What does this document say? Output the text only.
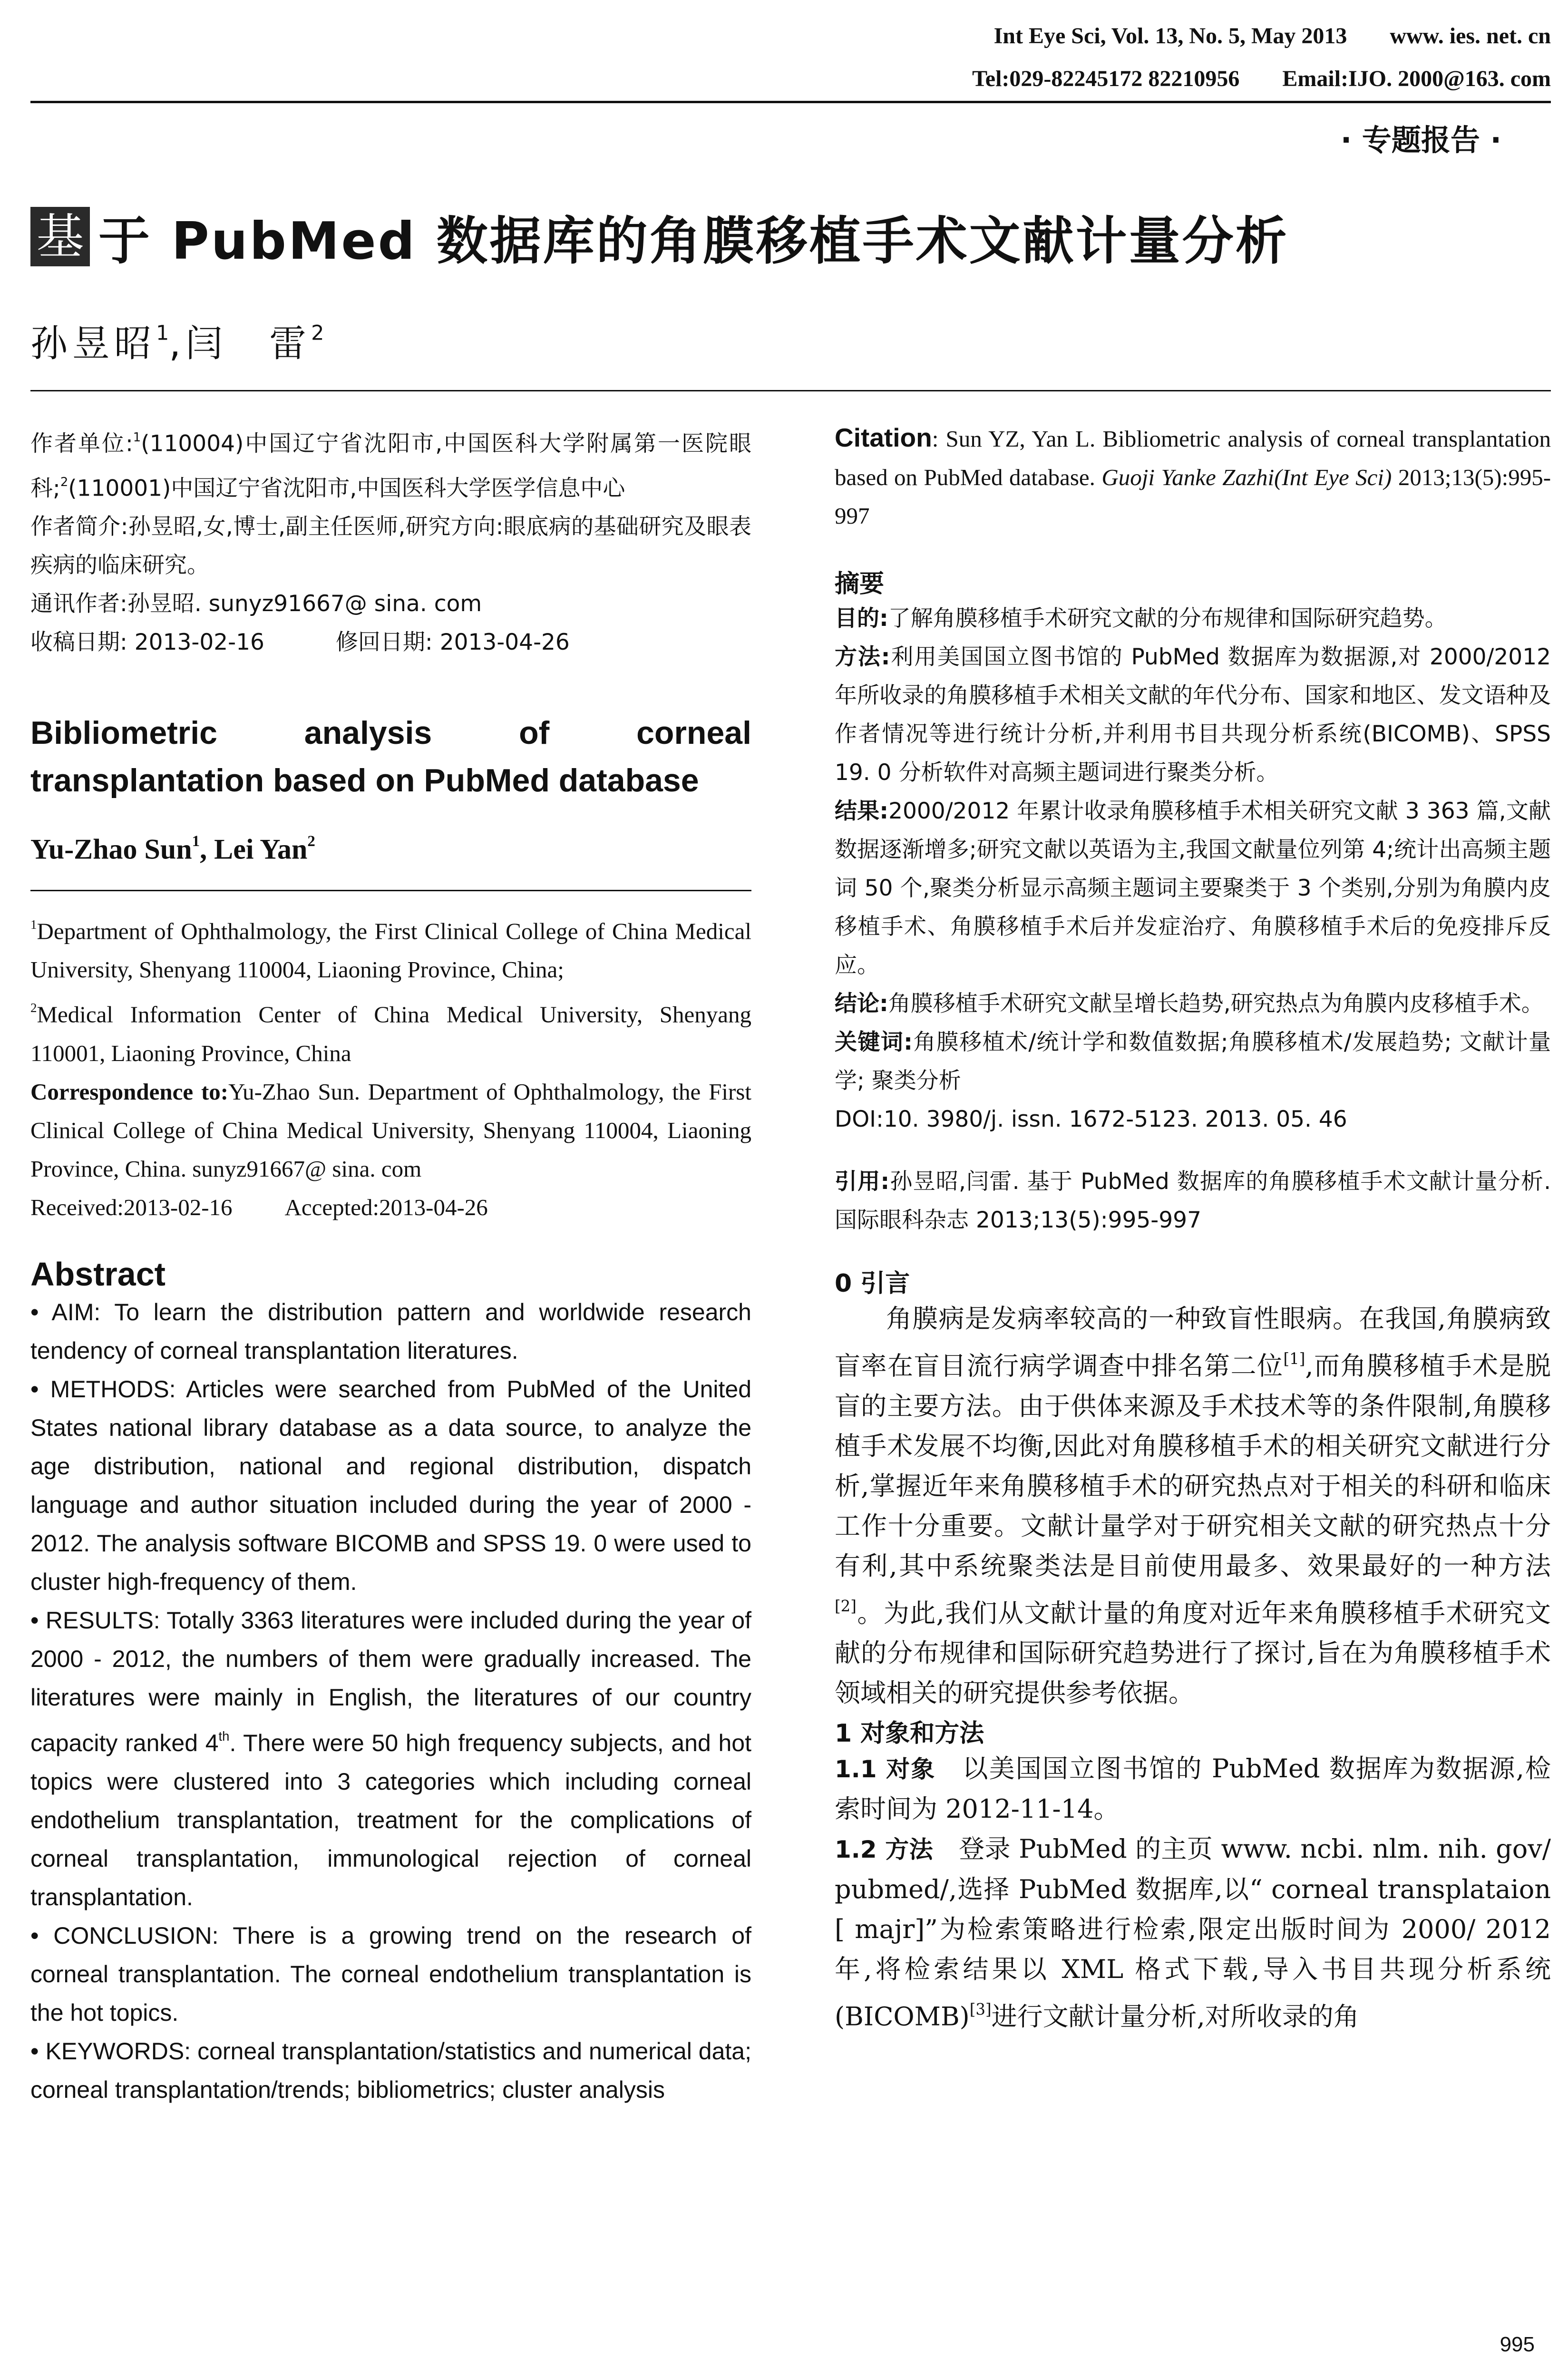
Int Eye Sci, Vol. 13, No. 5, May 2013 www. ies. net. cn
Tel:029-82245172 82210956 Email:IJO. 2000@163. com
· 专题报告 ·
基 于 PubMed 数据库的角膜移植手术文献计量分析
孙昱昭$^1$,闫　雷$^2$
作者单位:$^1$(110004)中国辽宁省沈阳市,中国医科大学附属第一医院眼科;$^2$(110001)中国辽宁省沈阳市,中国医科大学医学信息中心
作者简介:孙昱昭,女,博士,副主任医师,研究方向:眼底病的基础研究及眼表疾病的临床研究。
通讯作者:孙昱昭. sunyz91667@ sina. com
收稿日期: 2013-02-16	修回日期: 2013-04-26
Bibliometric analysis of corneal transplantation based on PubMed database
Yu-Zhao Sun$^1$, Lei Yan$^2$
$^1$Department of Ophthalmology, the First Clinical College of China Medical University, Shenyang 110004, Liaoning Province, China;
$^2$Medical Information Center of China Medical University, Shenyang 110001, Liaoning Province, China
Correspondence to:Yu-Zhao Sun. Department of Ophthalmology, the First Clinical College of China Medical University, Shenyang 110004, Liaoning Province, China. sunyz91667@ sina. com
Received:2013-02-16 Accepted:2013-04-26
Abstract
• AIM: To learn the distribution pattern and worldwide research tendency of corneal transplantation literatures.
• METHODS: Articles were searched from PubMed of the United States national library database as a data source, to analyze the age distribution, national and regional distribution, dispatch language and author situation included during the year of 2000 - 2012. The analysis software BICOMB and SPSS 19. 0 were used to cluster high-frequency of them.
• RESULTS: Totally 3363 literatures were included during the year of 2000 - 2012, the numbers of them were gradually increased. The literatures were mainly in English, the literatures of our country capacity ranked 4th. There were 50 high frequency subjects, and hot topics were clustered into 3 categories which including corneal endothelium transplantation, treatment for the complications of corneal transplantation, immunological rejection of corneal transplantation.
• CONCLUSION: There is a growing trend on the research of corneal transplantation. The corneal endothelium transplantation is the hot topics.
• KEYWORDS: corneal transplantation/statistics and numerical data; corneal transplantation/trends; bibliometrics; cluster analysis
Citation: Sun YZ, Yan L. Bibliometric analysis of corneal transplantation based on PubMed database. Guoji Yanke Zazhi(Int Eye Sci) 2013;13(5):995-997
摘要
目的:了解角膜移植手术研究文献的分布规律和国际研究趋势。
方法:利用美国国立图书馆的 PubMed 数据库为数据源,对 2000/2012 年所收录的角膜移植手术相关文献的年代分布、国家和地区、发文语种及作者情况等进行统计分析,并利用书目共现分析系统(BICOMB)、SPSS 19. 0 分析软件对高频主题词进行聚类分析。
结果:2000/2012 年累计收录角膜移植手术相关研究文献 3 363 篇,文献数据逐渐增多;研究文献以英语为主,我国文献量位列第 4;统计出高频主题词 50 个,聚类分析显示高频主题词主要聚类于 3 个类别,分别为角膜内皮移植手术、角膜移植手术后并发症治疗、角膜移植手术后的免疫排斥反应。
结论:角膜移植手术研究文献呈增长趋势,研究热点为角膜内皮移植手术。
关键词:角膜移植术/统计学和数值数据;角膜移植术/发展趋势; 文献计量学; 聚类分析
DOI:10. 3980/j. issn. 1672-5123. 2013. 05. 46
引用:孙昱昭,闫雷. 基于 PubMed 数据库的角膜移植手术文献计量分析. 国际眼科杂志 2013;13(5):995-997
0 引言
角膜病是发病率较高的一种致盲性眼病。在我国,角膜病致盲率在盲目流行病学调查中排名第二位[1],而角膜移植手术是脱盲的主要方法。由于供体来源及手术技术等的条件限制,角膜移植手术发展不均衡,因此对角膜移植手术的相关研究文献进行分析,掌握近年来角膜移植手术的研究热点对于相关的科研和临床工作十分重要。文献计量学对于研究相关文献的研究热点十分有利,其中系统聚类法是目前使用最多、效果最好的一种方法[2]。为此,我们从文献计量的角度对近年来角膜移植手术研究文献的分布规律和国际研究趋势进行了探讨,旨在为角膜移植手术领域相关的研究提供参考依据。
1 对象和方法
1.1 对象　以美国国立图书馆的 PubMed 数据库为数据源,检索时间为 2012-11-14。
1.2 方法　登录 PubMed 的主页 www. ncbi. nlm. nih. gov/ pubmed/,选择 PubMed 数据库,以“ corneal transplataion [ majr]”为检索策略进行检索,限定出版时间为 2000/ 2012 年,将检索结果以 XML 格式下载,导入书目共现分析系统(BICOMB)[3]进行文献计量分析,对所收录的角
995
